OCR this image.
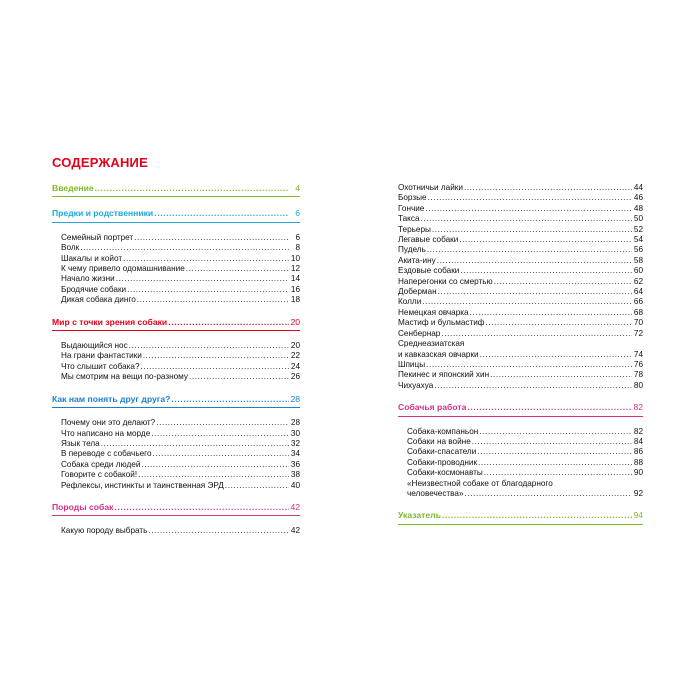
СОДЕРЖАНИЕ
Введение .....	4
Предки и родственники .....	6
Семейный портрет .....	6
Волк .....	8
Шакалы и койот .....	10
К чему привело одомашнивание .....	12
Начало жизни .....	14
Бродячие собаки .....	16
Дикая собака динго .....	18
Мир с точки зрения собаки .....	20
Выдающийся нос .....	20
На грани фантастики .....	22
Что слышит собака? .....	24
Мы смотрим на вещи по-разному .....	26
Как нам понять друг друга? .....	28
Почему они это делают? .....	28
Что написано на морде .....	30
Язык тела .....	32
В переводе с собачьего .....	34
Собака среди людей .....	36
Говорите с собакой! .....	38
Рефлексы, инстинкты и таинственная ЭРД .....	40
Породы собак .....	42
Какую породу выбрать .....	42
Охотничьи лайки .....	44
Борзые .....	46
Гончие .....	48
Такса .....	50
Терьеры .....	52
Легавые собаки .....	54
Пудель .....	56
Акита-ину .....	58
Ездовые собаки .....	60
Наперегонки со смертью .....	62
Доберман .....	64
Колли .....	66
Немецкая овчарка .....	68
Мастиф и бульмастиф .....	70
Сенбернар .....	72
Среднеазиатская
и кавказская овчарки .....	74
Шпицы .....	76
Пекинес и японский хин .....	78
Чихуахуа .....	80
Собачья работа .....	82
Собака-компаньон .....	82
Собаки на войне .....	84
Собаки-спасатели .....	86
Собаки-проводник .....	88
Собаки-космонавты .....	90
«Неизвестной собаке от благодарного
человечества» .....	92
Указатель .....	94
